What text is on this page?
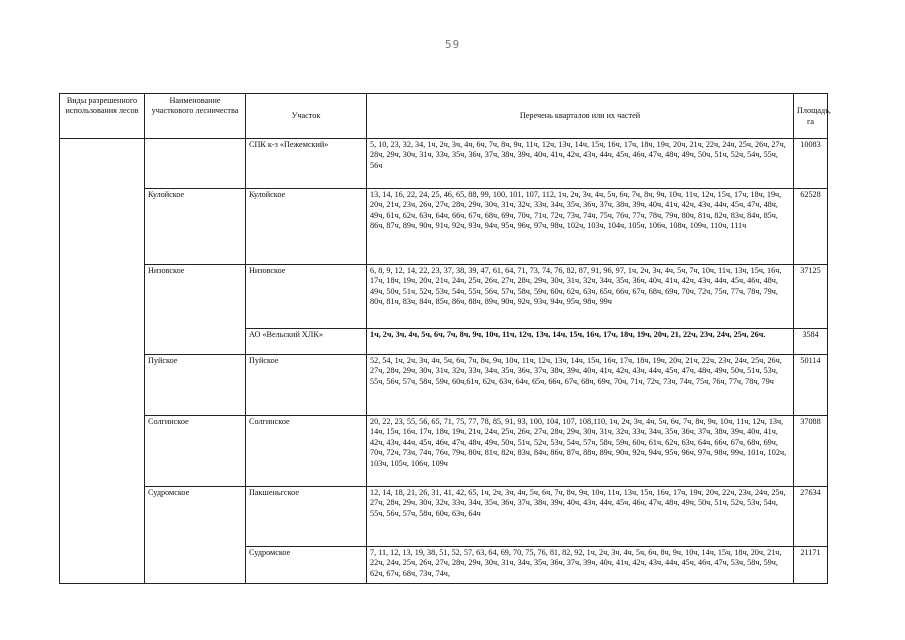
59
Виды разрешенного использования лесов	Наименование участкового лесничества	Участок	Перечень кварталов или их частей	Площадь, га
		СПК к-з «Пежемский»	5, 10, 23, 32, 34, 1ч, 2ч, 3ч, 4ч, 6ч, 7ч, 8ч, 9ч, 11ч, 12ч, 13ч, 14ч, 15ч, 16ч, 17ч, 18ч, 19ч, 20ч, 21ч, 22ч, 24ч, 25ч, 26ч, 27ч, 28ч, 29ч, 30ч, 31ч, 33ч, 35ч, 36ч, 37ч, 38ч, 39ч, 40ч, 41ч, 42ч, 43ч, 44ч, 45ч, 46ч, 47ч, 48ч, 49ч, 50ч, 51ч, 52ч, 54ч, 55ч, 56ч	10083
	Кулойское	Кулойское	13, 14, 16, 22, 24, 25, 46, 65, 88, 99, 100, 101, 107, 112, 1ч, 2ч, 3ч, 4ч, 5ч, 6ч, 7ч, 8ч, 9ч, 10ч, 11ч, 12ч, 15ч, 17ч, 18ч, 19ч, 20ч, 21ч, 23ч, 26ч, 27ч, 28ч, 29ч, 30ч, 31ч, 32ч, 33ч, 34ч, 35ч, 36ч, 37ч, 38ч, 39ч, 40ч, 41ч, 42ч, 43ч, 44ч, 45ч, 47ч, 48ч, 49ч, 61ч, 62ч, 63ч, 64ч, 66ч, 67ч, 68ч, 69ч, 70ч, 71ч, 72ч, 73ч, 74ч, 75ч, 76ч, 77ч, 78ч, 79ч, 80ч, 81ч, 82ч, 83ч, 84ч, 85ч, 86ч, 87ч, 89ч, 90ч, 91ч, 92ч, 93ч, 94ч, 95ч, 96ч, 97ч, 98ч, 102ч, 103ч, 104ч, 105ч, 106ч, 108ч, 109ч, 110ч, 111ч	62528
	Низовское	Низовское	6, 8, 9, 12, 14, 22, 23, 37, 38, 39, 47, 61, 64, 71, 73, 74, 76, 82, 87, 91, 96, 97, 1ч, 2ч, 3ч, 4ч, 5ч, 7ч, 10ч, 11ч, 13ч, 15ч, 16ч, 17ч, 18ч, 19ч, 20ч, 21ч, 24ч, 25ч, 26ч, 27ч, 28ч, 29ч, 30ч, 31ч, 32ч, 34ч, 35ч, 36ч, 40ч, 41ч, 42ч, 43ч, 44ч, 45ч, 46ч, 48ч, 49ч, 50ч, 51ч, 52ч, 53ч, 54ч, 55ч, 56ч, 57ч, 58ч, 59ч, 60ч, 62ч, 63ч, 65ч, 66ч, 67ч, 68ч, 69ч, 70ч, 72ч, 75ч, 77ч, 78ч, 79ч, 80ч, 81ч, 83ч, 84ч, 85ч, 86ч, 88ч, 89ч, 90ч, 92ч, 93ч, 94ч, 95ч, 98ч, 99ч	37125
		АО «Вельский ХЛК»	1ч, 2ч, 3ч, 4ч, 5ч, 6ч, 7ч, 8ч, 9ч, 10ч, 11ч, 12ч, 13ч, 14ч, 15ч, 16ч, 17ч, 18ч, 19ч, 20ч, 21, 22ч, 23ч, 24ч, 25ч, 26ч.	3584
	Пуйское	Пуйское	52, 54, 1ч, 2ч, 3ч, 4ч, 5ч, 6ч, 7ч, 8ч, 9ч, 10ч, 11ч, 12ч, 13ч, 14ч, 15ч, 16ч, 17ч, 18ч, 19ч, 20ч, 21ч, 22ч, 23ч, 24ч, 25ч, 26ч, 27ч, 28ч, 29ч, 30ч, 31ч, 32ч, 33ч, 34ч, 35ч, 36ч, 37ч, 38ч, 39ч, 40ч, 41ч, 42ч, 43ч, 44ч, 45ч, 47ч, 48ч, 49ч, 50ч, 51ч, 53ч, 55ч, 56ч, 57ч, 58ч, 59ч, 60ч,61ч, 62ч, 63ч, 64ч, 65ч, 66ч, 67ч, 68ч, 69ч, 70ч, 71ч, 72ч, 73ч, 74ч, 75ч, 76ч, 77ч, 78ч, 79ч	50114
	Солгинское	Солгинское	20, 22, 23, 55, 56, 65, 71, 75, 77, 78, 85, 91, 93, 100, 104, 107, 108,110, 1ч, 2ч, 3ч, 4ч, 5ч, 6ч, 7ч, 8ч, 9ч, 10ч, 11ч, 12ч, 13ч, 14ч, 15ч, 16ч, 17ч, 18ч, 19ч, 21ч, 24ч, 25ч, 26ч, 27ч, 28ч, 29ч, 30ч, 31ч, 32ч, 33ч, 34ч, 35ч, 36ч, 37ч, 38ч, 39ч, 40ч, 41ч, 42ч, 43ч, 44ч, 45ч, 46ч, 47ч, 48ч, 49ч, 50ч, 51ч, 52ч, 53ч, 54ч, 57ч, 58ч, 59ч, 60ч, 61ч, 62ч, 63ч, 64ч, 66ч, 67ч, 68ч, 69ч, 70ч, 72ч, 73ч, 74ч, 76ч, 79ч, 80ч, 81ч, 82ч, 83ч, 84ч, 86ч, 87ч, 88ч, 89ч, 90ч, 92ч, 94ч, 95ч, 96ч, 97ч, 98ч, 99ч, 101ч, 102ч, 103ч, 105ч, 106ч, 109ч	37088
	Судромское	Пакшеньгское	12, 14, 18, 21, 26, 31, 41, 42, 65, 1ч, 2ч, 3ч, 4ч, 5ч, 6ч, 7ч, 8ч, 9ч, 10ч, 11ч, 13ч, 15ч, 16ч, 17ч, 19ч, 20ч, 22ч, 23ч, 24ч, 25ч, 27ч, 28ч, 29ч, 30ч, 32ч, 33ч, 34ч, 35ч, 36ч, 37ч, 38ч, 39ч, 40ч, 43ч, 44ч, 45ч, 46ч, 47ч, 48ч, 49ч, 50ч, 51ч, 52ч, 53ч, 54ч, 55ч, 56ч, 57ч, 58ч, 60ч, 63ч, 64ч	27634
		Судромское	7, 11, 12, 13, 19, 38, 51, 52, 57, 63, 64, 69, 70, 75, 76, 81, 82, 92, 1ч, 2ч, 3ч, 4ч, 5ч, 6ч, 8ч, 9ч, 10ч, 14ч, 15ч, 18ч, 20ч, 21ч, 22ч, 24ч, 25ч, 26ч, 27ч, 28ч, 29ч, 30ч, 31ч, 34ч, 35ч, 36ч, 37ч, 39ч, 40ч, 41ч, 42ч, 43ч, 44ч, 45ч, 46ч, 47ч, 53ч, 58ч, 59ч, 62ч, 67ч, 68ч, 73ч, 74ч,	21171
